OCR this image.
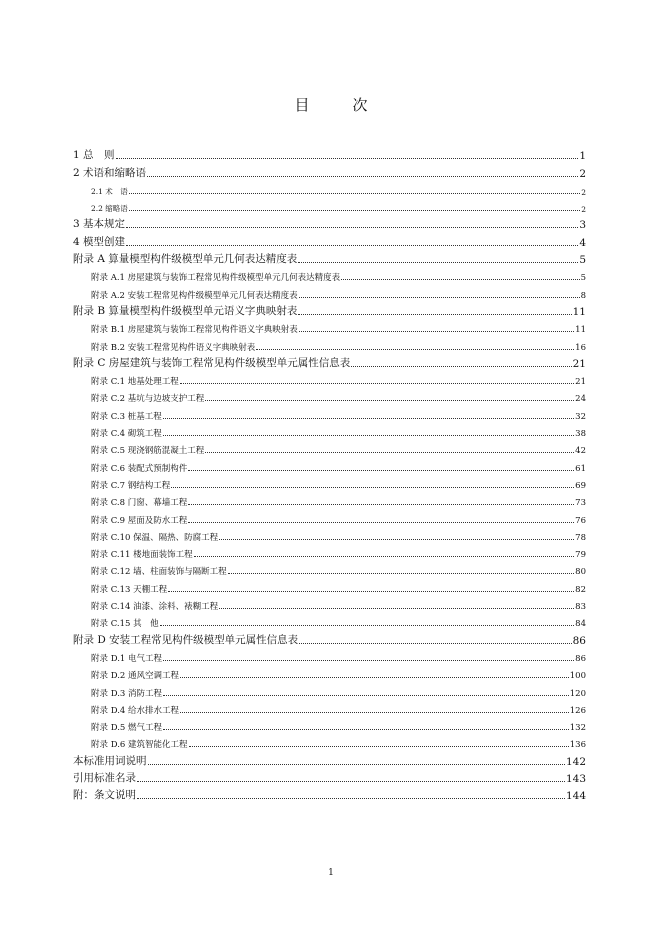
目　次
1 总　则	1
2 术语和缩略语	2
2.1 术　语	2
2.2 缩略语	2
3 基本规定	3
4 模型创建	4
附录 A 算量模型构件级模型单元几何表达精度表	5
附录 A.1 房屋建筑与装饰工程常见构件级模型单元几何表达精度表	5
附录 A.2 安装工程常见构件级模型单元几何表达精度表	8
附录 B 算量模型构件级模型单元语义字典映射表	11
附录 B.1 房屋建筑与装饰工程常见构件语义字典映射表	11
附录 B.2 安装工程常见构件语义字典映射表	16
附录 C 房屋建筑与装饰工程常见构件级模型单元属性信息表	21
附录 C.1 地基处理工程	21
附录 C.2 基坑与边坡支护工程	24
附录 C.3 桩基工程	32
附录 C.4 砌筑工程	38
附录 C.5 现浇钢筋混凝土工程	42
附录 C.6 装配式预制构件	61
附录 C.7 钢结构工程	69
附录 C.8 门窗、幕墙工程	73
附录 C.9 屋面及防水工程	76
附录 C.10 保温、隔热、防腐工程	78
附录 C.11 楼地面装饰工程	79
附录 C.12 墙、柱面装饰与隔断工程	80
附录 C.13 天棚工程	82
附录 C.14 油漆、涂料、裱糊工程	83
附录 C.15 其　他	84
附录 D 安装工程常见构件级模型单元属性信息表	86
附录 D.1 电气工程	86
附录 D.2 通风空调工程	100
附录 D.3 消防工程	120
附录 D.4 给水排水工程	126
附录 D.5 燃气工程	132
附录 D.6 建筑智能化工程	136
本标准用词说明	142
引用标准名录	143
附：条文说明	144
1
